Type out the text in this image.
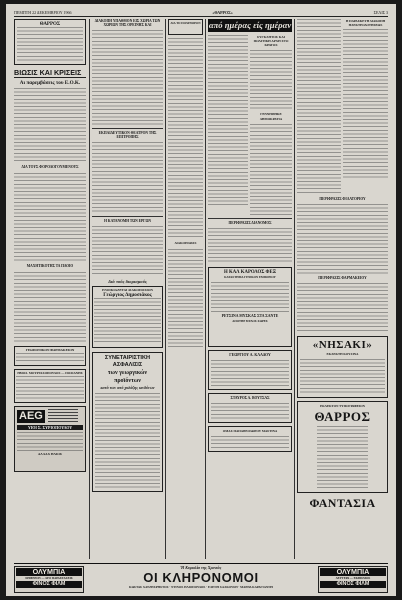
ΠΕΜΠΤΗ 22 ΔΕΚΕΜΒΡΙΟΥ 1966	«ΘΑΡΡΟΣ»	ΣΕΛΙΣ 3
ΘΑΡΡΟΣ
ΒΙΩΣΙΣ ΚΑΙ ΚΡΙΣΕΙΣ
Αι παρεμβάσεις του Ε.Ο.Κ.
ΔΙΑ ΤΟΥΣ ΦΟΡΟΛΟΓΟΥΜΕΝΟΥΣ
ΜΑΧΗΤΙΚΟΤΗΣ ΤΑ ΠΛΟΙΟ
ΓΕΩΠΟΝΙΚΟΝ ΦΑΡΜΑΚΕΙΟΝ
ΗΜΟΛ. ΜΟΥΡΓΑΣΟΠΟΥΛΟΣ — ΠΟΛΙΑΝΗΣ
AEG
ΥΙΟΙ Σ. ΣΥΡΙΟΠΟΥΛΟΥ
ΑΛΛΑΧ ΗΛΙΟΣ
ΔΙΑΚΟΠΗ ΥΠΑΘΜΟΝ ΕΙΣ ΧΩΡΙΑ ΤΩΝ ΧΩΡΙΩΝ ΤΗΣ ΟΡΕΙΝΗΣ ΚΑΙ
ΕΚΠΑΙΔΕΥΤΙΚΟΝ ΘΕΑΤΡΟΝ ΤΗΣ ΕΠΙΤΡΟΠΗΣ
Η ΚΑΤΑΝΟΜΗ ΤΩΝ ΕΡΓΩΝ
Διά τούς διορισμούς
ΕΝΟΙΚΙΑΖΕΤΑΙ ΔΙΑΚΟΠΟΣΙΟΝ
Γεώργιος Δημοσιάκος
ΣΥΝΕΤΑΙΡΙΣΤΙΚΗ ΑΣΦΑΛΙΣΙΣ
των γεωργικών προϊόντων
κατά των από χαλάζης κινδύνων
ΔΙΑ ΤΟ ΠΟΛΥΘΟΡΟΝ
ΔΙΑΚΟΙΝΩΣΙΣ
από ηµέρας είς ηµέραν
ΣΥΓΚΛΗΤΟΣ ΚΑΙ ΠΟΛΙΤΙΚΗ ΑΡΧΗ ΣΤΟ ΚΡΑΤΟΣ
ΓΕΝΝΗΘΗΚΕ ΔΗΜΟΚΡΑΤΙΑ
ΠΕΡΙΦΡΑΞΙΣ ΔΙΑΝΟΜΟΣ
Η ΚΑΛ ΚΑΡΟΛΟΣ ΦΕΞ
ΚΑΤΑΣΤΗΜΑ ΓΕΝΙΚΟΝ ΕΜΠΟΡΙΟΥ
ΡΕΤΣΙΝΑ ΜΥΣΚΑΣ ΣΤΑ ΣΑΝΤΕ
ΑΠΟΤΗΡ ΜΥΛΟΣ ΧΩΡΕΣ
ΓΕΩΡΓΙΟΥ Α. ΚΛΑΔΟΥ
ΣΤΑΥΡΟΣ Α. ΒΟΥΤΣΑΣ
ΟΜΑΣ ΠΑΠΑΘΕΟΔΩΡΟΥ ΜΑΣΤΙΝΑ
Η ΠΑΡΑΣΚΕΥΗ ΔΙΑΚΟΠΗ ΗΛΕΚΤΡΟΔΟΤΗΣΕΩΣ
ΠΕΡΙΦΡΑΞΙΣ ΦΙΛΑΤΟΡΙΟΥ
ΠΕΡΙΦΡΑΞΙΣ ΦΑΡΜΑΚΕΙΟΥ
«ΝΗΣΑΚΙ»
ΕΚΛΕΚΤΗ ΚΟΥΖΙΝΑ
ΕΚΛΕΚΤΟΝ ΤΥΠΟΓΡΑΦΕΙΟΝ
ΘΑΡΡΟΣ
ΦΑΝΤΑΣΙΑ
ΟΛΥΜΠΙΑ
ΣΗΜΕΡΟΝ — ΔΥΟ ΠΑΡΑΣΤΑΣΕΙΣ
ΦΙΝΟΣ ΦΙΛΜ
Ή Κυριολία της Χρονιάς
ΟΙ ΚΛΗΡΟΝΟΜΟΙ
ΚΩΣΤΑΣ ΧΑΤΖΗΧΡΗΣΤΟΣ · ΝΤΙΝΟΣ ΗΛΙΟΠΟΥΛΟΣ · ΕΛΕΝΗ ΧΑΛΚΟΥΣΗ · ΜΑΡΘΑ ΚΑΡΑΓΙΑΝΝΗ
ΟΛΥΜΠΙΑ
ΔΕΥΤΕΡΑ — ΕΚΒΙΣΜΟΣ
ΦΙΝΟΣ ΦΙΛΜ
